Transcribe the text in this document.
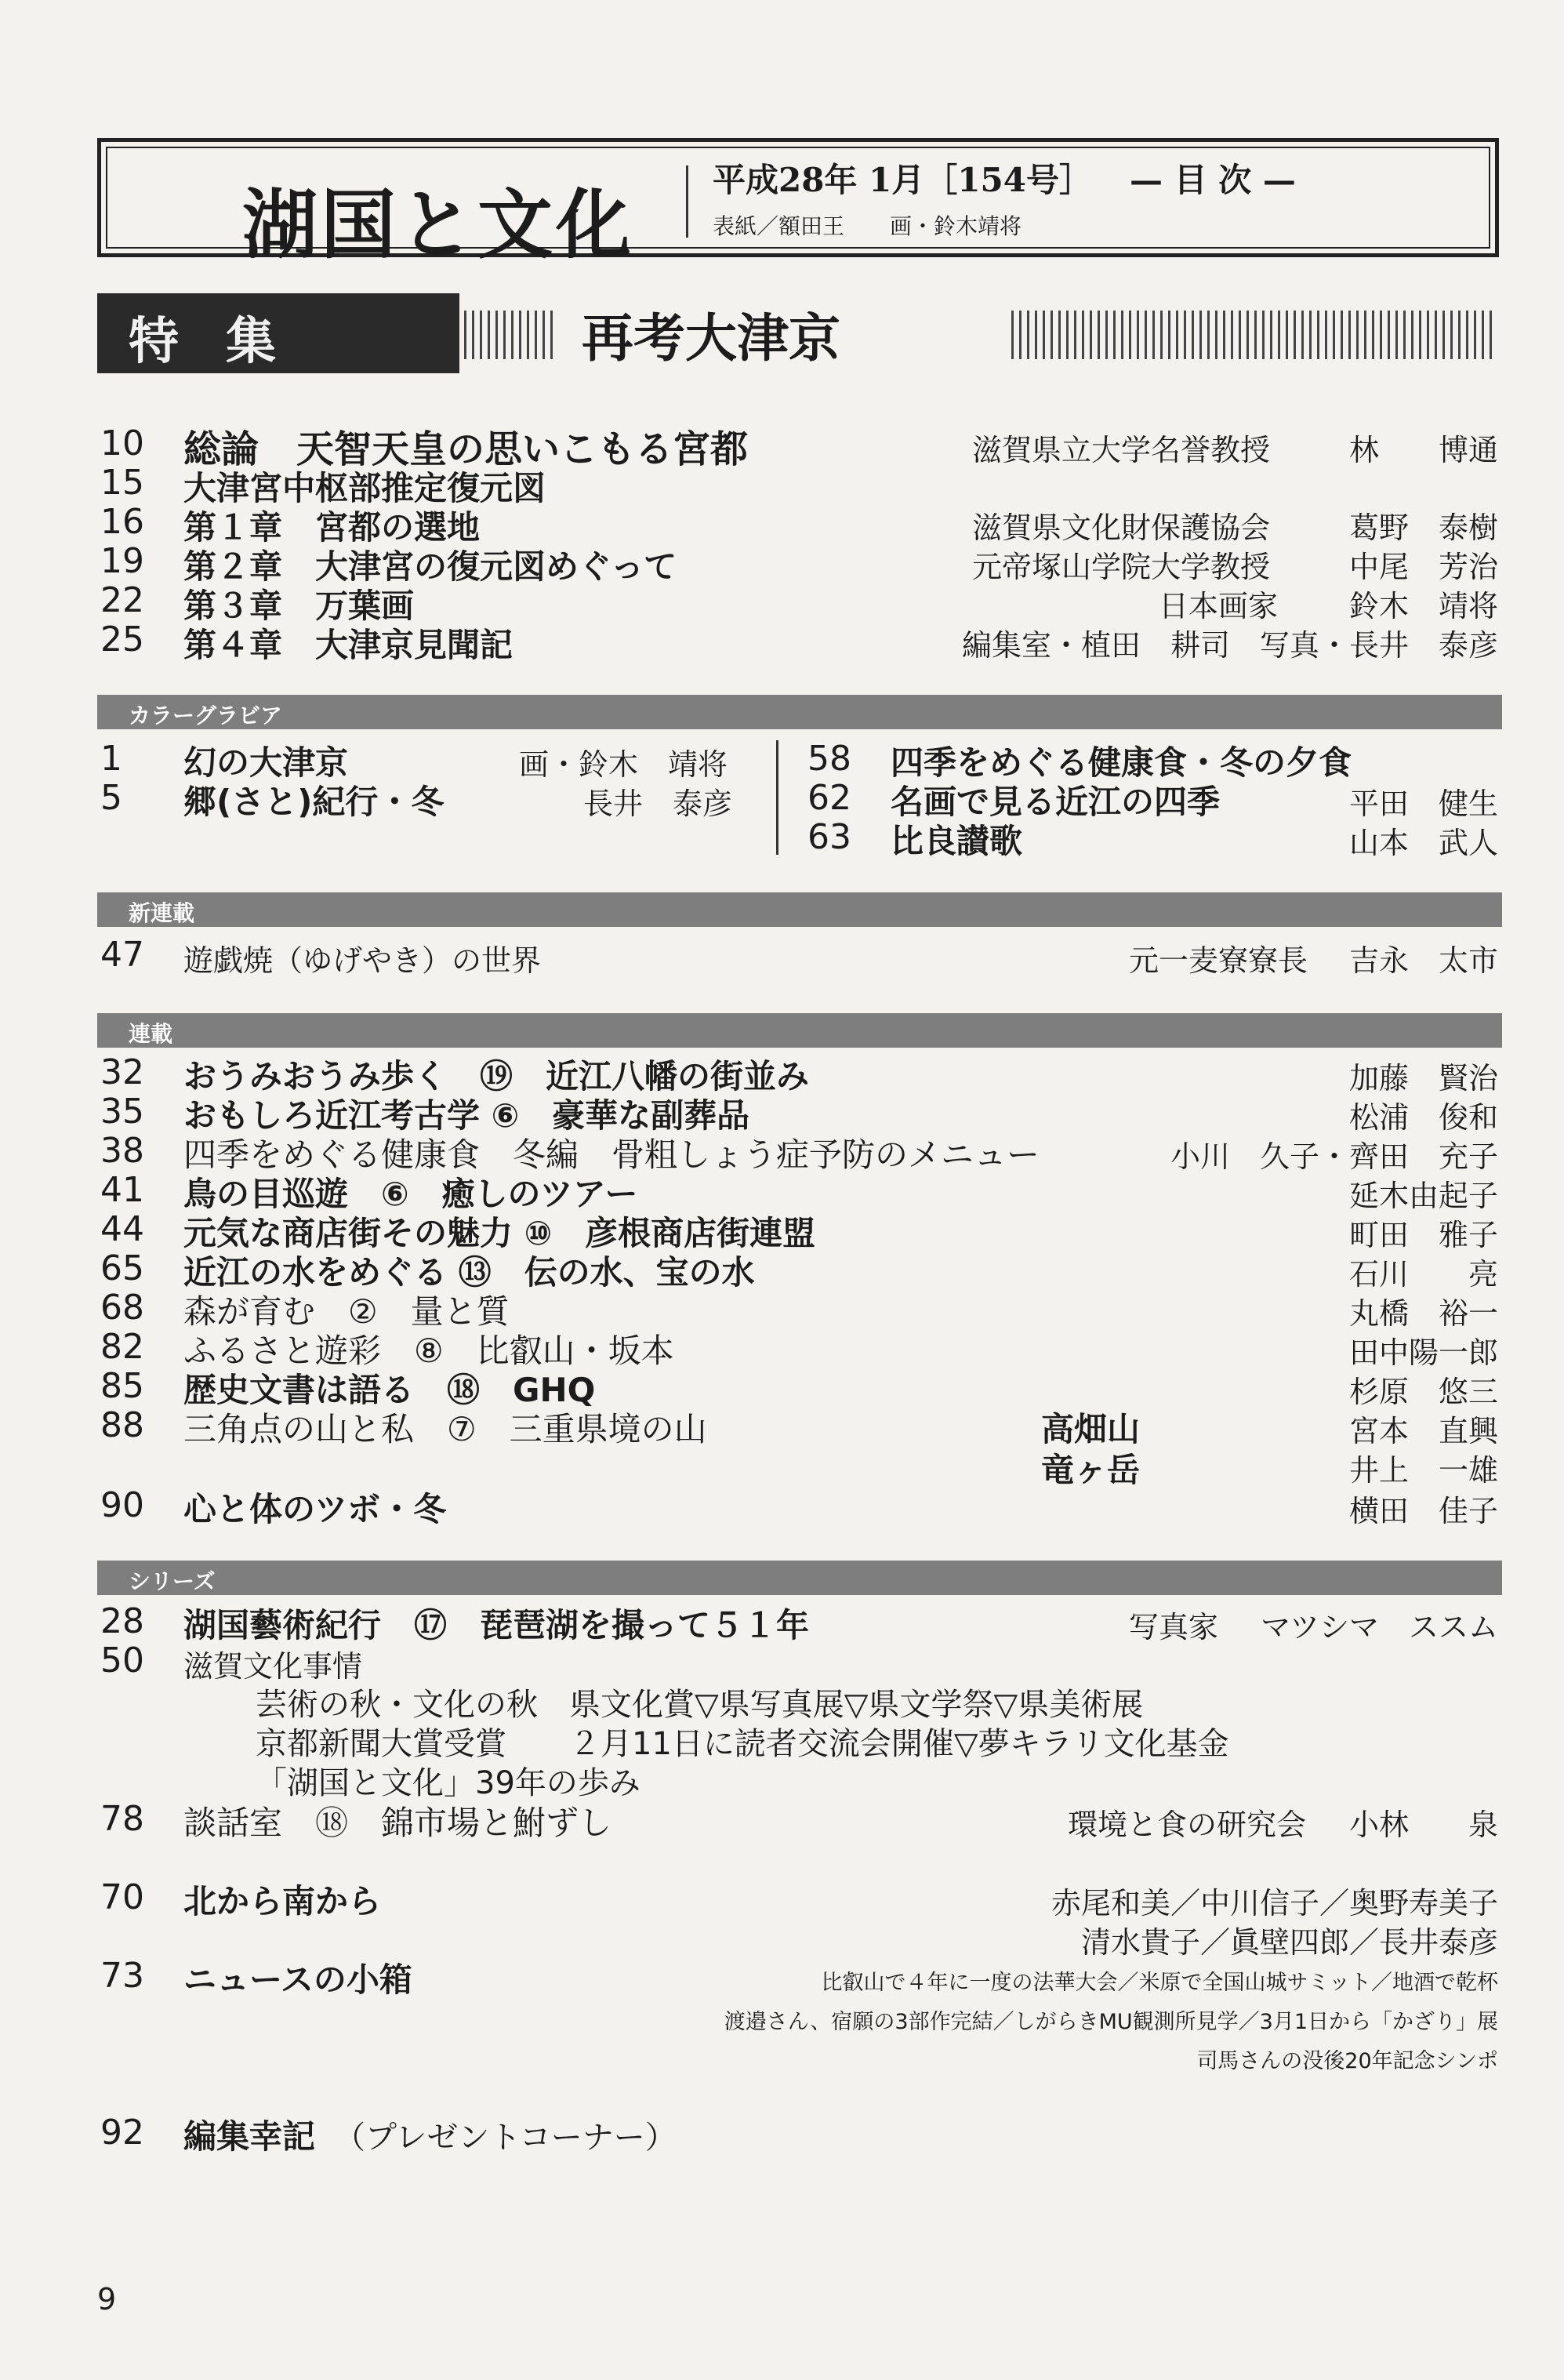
湖国と文化
平成28年 1月［154号］ — 目 次 —
表紙／額田王 画・鈴木靖将
特集	再考大津京
10	総論　天智天皇の思いこもる宮都	滋賀県立大学名誉教授	林　　博通
15	大津宮中枢部推定復元図
16	第１章　宮都の選地	滋賀県文化財保護協会	葛野　泰樹
19	第２章　大津宮の復元図めぐって	元帝塚山学院大学教授	中尾　芳治
22	第３章　万葉画	日本画家 鈴木　靖将
25	第４章　大津京見聞記	編集室・植田　耕司　写真・長井　泰彦
カラーグラビア
1	幻の大津京	画・鈴木　靖将
5	郷(さと)紀行・冬	長井　泰彦
58 四季をめぐる健康食・冬の夕食
62 名画で見る近江の四季	平田　健生
63 比良讃歌	山本　武人
新連載
47	遊戯焼（ゆげやき）の世界	元一麦寮寮長 吉永　太市
連載
32	おうみおうみ歩く　⑲　近江八幡の街並み	加藤　賢治
35	おもしろ近江考古学 ⑥　豪華な副葬品	松浦　俊和
38	四季をめぐる健康食　冬編　骨粗しょう症予防のメニュー	小川　久子・齊田　充子
41	鳥の目巡遊　⑥　癒しのツアー	延木由起子
44	元気な商店街その魅力 ⑩　彦根商店街連盟	町田　雅子
65	近江の水をめぐる ⑬　伝の水、宝の水	石川　　亮
68	森が育む　②　量と質	丸橋　裕一
82	ふるさと遊彩　⑧　比叡山・坂本	田中陽一郎
85	歴史文書は語る　⑱　GHQ	杉原　悠三
88	三角点の山と私　⑦　三重県境の山	高畑山	宮本　直興
竜ヶ岳	井上　一雄
90	心と体のツボ・冬	横田　佳子
シリーズ
28	湖国藝術紀行　⑰　琵琶湖を撮って５１年	写真家 マツシマ　ススム
50	滋賀文化事情
芸術の秋・文化の秋　県文化賞▽県写真展▽県文学祭▽県美術展
京都新聞大賞受賞　　２月11日に読者交流会開催▽夢キラリ文化基金
「湖国と文化」39年の歩み
78	談話室　⑱　錦市場と鮒ずし	環境と食の研究会 小林　　泉
70	北から南から	赤尾和美／中川信子／奥野寿美子
清水貴子／眞壁四郎／長井泰彦
73	ニュースの小箱	比叡山で４年に一度の法華大会／米原で全国山城サミット／地酒で乾杯
渡邉さん、宿願の3部作完結／しがらきMU観測所見学／3月1日から「かざり」展
司馬さんの没後20年記念シンポ
92	編集幸記 （プレゼントコーナー）
9
